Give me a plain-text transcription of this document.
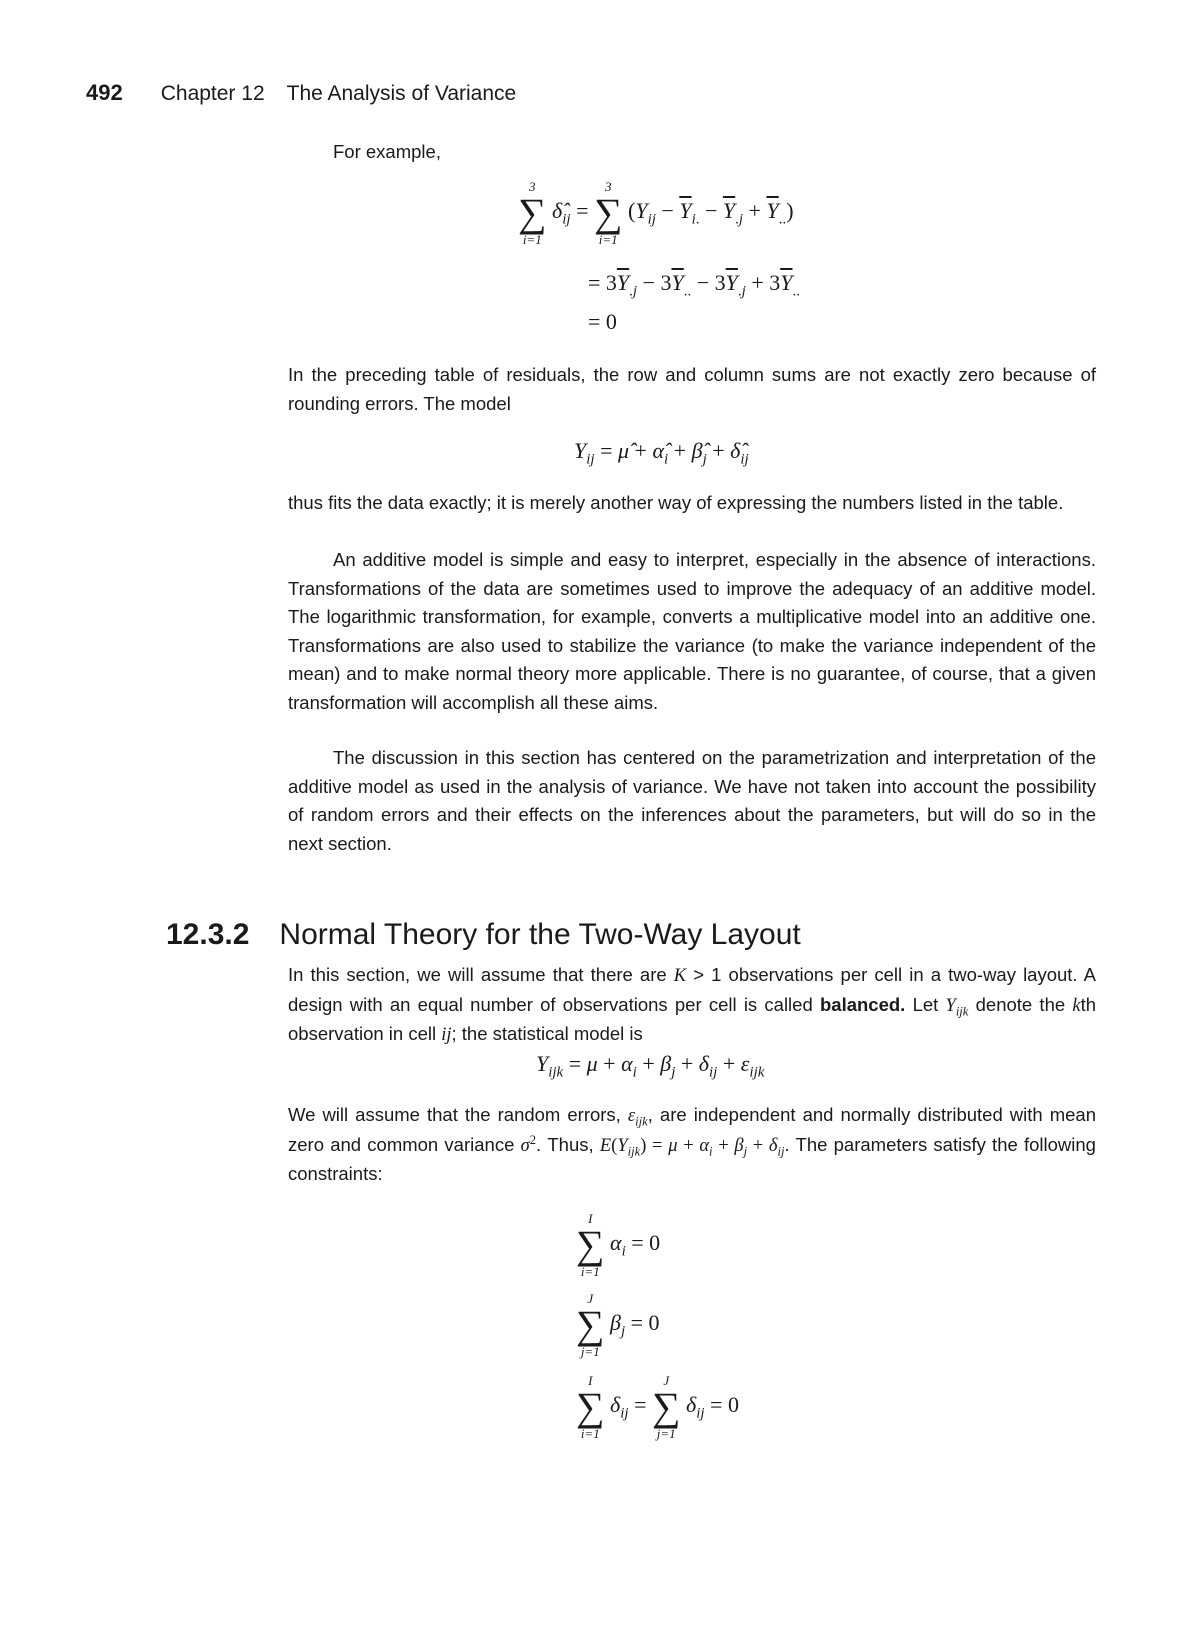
492 Chapter 12 The Analysis of Variance
For example,
3
∑
i=1
$\deltâ_{ij}$ =
3
∑
i=1
$(Y_{ij} - \overline{Y}_{i.} - \overline{Y}_{.j} + \overline{Y}_{..})$
= $3\overline{Y}_{.j} - 3\overline{Y}_{..} - 3\overline{Y}_{.j} + 3\overline{Y}_{..}$
= 0
In the preceding table of residuals, the row and column sums are not exactly zero because of rounding errors. The model
$Y_{ij}$ = μ̂ + $\alphâ_i$ + $\betâ_j$ + $\deltâ_{ij}$
thus fits the data exactly; it is merely another way of expressing the numbers listed in the table.
An additive model is simple and easy to interpret, especially in the absence of interactions. Transformations of the data are sometimes used to improve the adequacy of an additive model. The logarithmic transformation, for example, converts a multiplicative model into an additive one. Transformations are also used to stabilize the variance (to make the variance independent of the mean) and to make normal theory more applicable. There is no guarantee, of course, that a given transformation will accomplish all these aims.
The discussion in this section has centered on the parametrization and interpretation of the additive model as used in the analysis of variance. We have not taken into account the possibility of random errors and their effects on the inferences about the parameters, but will do so in the next section.
12.3.2 Normal Theory for the Two-Way Layout
In this section, we will assume that there are K > 1 observations per cell in a two-way layout. A design with an equal number of observations per cell is called balanced. Let $Y_{ijk}$ denote the kth observation in cell ij; the statistical model is
$Y_{ijk} = \mu + \alpha_i + \beta_j + \delta_{ij} + \varepsilon_{ijk}$
We will assume that the random errors, $\varepsilon_{ijk}$, are independent and normally distributed with mean zero and common variance $\sigma^2$. Thus, $E(Y_{ijk}) = \mu + \alpha_i + \beta_j + \delta_{ij}$. The parameters satisfy the following constraints:
I
∑
i=1
$\alpha_i = 0$
J
∑
j=1
$\beta_j = 0$
I
∑
i=1
$\delta_{ij}$ =
J
∑
j=1
$\delta_{ij} = 0$
